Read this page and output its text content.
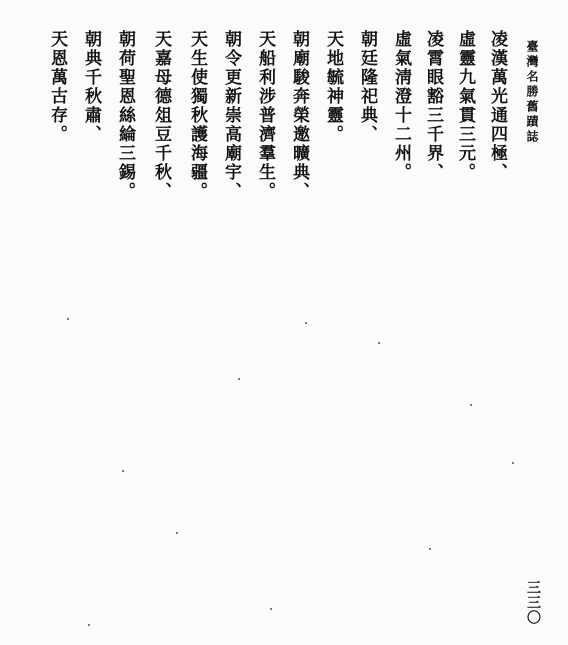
臺灣名勝舊蹟誌
凌漢萬光通四極、
虛靈九氣貫三元。
凌霄眼豁三千界、
虛氣淸澄十二州。
朝廷隆祀典、
天地毓神靈。
朝廟駿奔榮邀曠典、
天船利涉普濟羣生。
朝令更新崇高廟宇、
天生使獨秋護海疆。
天嘉母德俎豆千秋、
朝荷聖恩絲綸三錫。
朝典千秋肅、
天恩萬古存。
三三〇
